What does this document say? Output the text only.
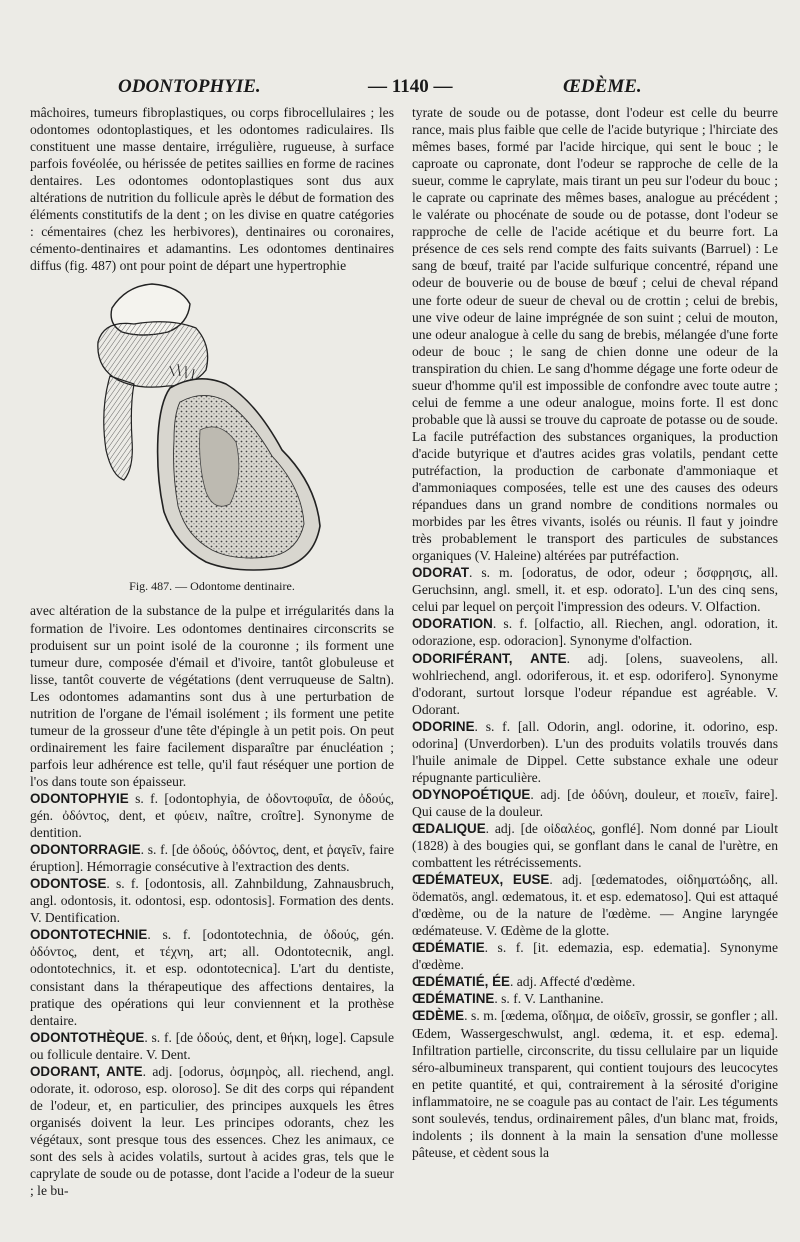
ODONTOPHYIE.	— 1140 —	ŒDÈME.

mâchoires, tumeurs fibroplastiques, ou corps fibrocellulaires ; les odontomes odontoplastiques, et les odontomes radiculaires. Ils constituent une masse dentaire, irrégulière, rugueuse, à surface parfois fovéolée, ou hérissée de petites saillies en forme de racines dentaires. Les odontomes odontoplastiques sont dus aux altérations de nutrition du follicule après le début de formation des éléments constitutifs de la dent ; on les divise en quatre catégories : cémentaires (chez les herbivores), dentinaires ou coronaires, cémento-dentinaires et adamantins. Les odontomes dentinaires diffus (fig. 487) ont pour point de départ une hypertrophie

Fig. 487. — Odontome dentinaire.

avec altération de la substance de la pulpe et irrégularités dans la formation de l'ivoire. Les odontomes dentinaires circonscrits se produisent sur un point isolé de la couronne ; ils forment une tumeur dure, composée d'émail et d'ivoire, tantôt globuleuse et lisse, tantôt couverte de végétations (dent verruqueuse de Saltn). Les odontomes adamantins sont dus à une perturbation de nutrition de l'organe de l'émail isolément ; ils forment une petite tumeur de la grosseur d'une tête d'épingle à un petit pois. On peut ordinairement les faire facilement disparaître par énucléation ; parfois leur adhérence est telle, qu'il faut réséquer une portion de l'os dans toute son épaisseur.

ODONTOPHYIE s. f. [odontophyia, de ὀδοντοφυΐα, de ὀδούς, gén. ὀδόντος, dent, et φύειν, naître, croître]. Synonyme de dentition.

ODONTORRAGIE. s. f. [de ὀδούς, ὀδόντος, dent, et ῥαγεῖν, faire éruption]. Hémorragie consécutive à l'extraction des dents.

ODONTOSE. s. f. [odontosis, all. Zahnbildung, Zahnausbruch, angl. odontosis, it. odontosi, esp. odontosis]. Formation des dents. V. Dentification.

ODONTOTECHNIE. s. f. [odontotechnia, de ὀδούς, gén. ὀδόντος, dent, et τέχνη, art; all. Odontotecnik, angl. odontotechnics, it. et esp. odontotecnica]. L'art du dentiste, consistant dans la thérapeutique des affections dentaires, la pratique des opérations qui leur conviennent et la prothèse dentaire.

ODONTOTHÈQUE. s. f. [de ὀδούς, dent, et θήκη, loge]. Capsule ou follicule dentaire. V. Dent.

ODORANT, ANTE. adj. [odorus, ὀσμηρὸς, all. riechend, angl. odorate, it. odoroso, esp. oloroso]. Se dit des corps qui répandent de l'odeur, et, en particulier, des principes auxquels les êtres organisés doivent la leur. Les principes odorants, chez les végétaux, sont presque tous des essences. Chez les animaux, ce sont des sels à acides volatils, surtout à acides gras, tels que le caprylate de soude ou de potasse, dont l'acide a l'odeur de la sueur ; le bu-

tyrate de soude ou de potasse, dont l'odeur est celle du beurre rance, mais plus faible que celle de l'acide butyrique ; l'hirciate des mêmes bases, formé par l'acide hircique, qui sent le bouc ; le caproate ou capronate, dont l'odeur se rapproche de celle de la sueur, comme le caprylate, mais tirant un peu sur l'odeur du bouc ; le caprate ou caprinate des mêmes bases, analogue au précédent ; le valérate ou phocénate de soude ou de potasse, dont l'odeur se rapproche de celle de l'acide acétique et du beurre fort. La présence de ces sels rend compte des faits suivants (Barruel) : Le sang de bœuf, traité par l'acide sulfurique concentré, répand une odeur de bouverie ou de bouse de bœuf ; celui de cheval répand une forte odeur de sueur de cheval ou de crottin ; celui de brebis, une vive odeur de laine imprégnée de son suint ; celui de mouton, une odeur analogue à celle du sang de brebis, mélangée d'une forte odeur de bouc ; le sang de chien donne une odeur de la transpiration du chien. Le sang d'homme dégage une forte odeur de sueur d'homme qu'il est impossible de confondre avec toute autre ; celui de femme a une odeur analogue, moins forte. Il est donc probable que là aussi se trouve du caproate de potasse ou de soude. La facile putréfaction des substances organiques, la production d'acide butyrique et d'autres acides gras volatils, pendant cette putréfaction, la production de carbonate d'ammoniaque et d'ammoniaques composées, telle est une des causes des odeurs répandues dans un grand nombre de conditions normales ou morbides par les êtres vivants, isolés ou réunis. Il faut y joindre très probablement le transport des particules de substances organiques (V. Haleine) altérées par putréfaction.

ODORAT. s. m. [odoratus, de odor, odeur ; ὄσφρησις, all. Geruchsinn, angl. smell, it. et esp. odorato]. L'un des cinq sens, celui par lequel on perçoit l'impression des odeurs. V. Olfaction.

ODORATION. s. f. [olfactio, all. Riechen, angl. odoration, it. odorazione, esp. odoracion]. Synonyme d'olfaction.

ODORIFÉRANT, ANTE. adj. [olens, suaveolens, all. wohlriechend, angl. odoriferous, it. et esp. odorifero]. Synonyme d'odorant, surtout lorsque l'odeur répandue est agréable. V. Odorant.

ODORINE. s. f. [all. Odorin, angl. odorine, it. odorino, esp. odorina] (Unverdorben). L'un des produits volatils trouvés dans l'huile animale de Dippel. Cette substance exhale une odeur répugnante particulière.

ODYNOPOÉTIQUE. adj. [de ὀδύνη, douleur, et ποιεῖν, faire]. Qui cause de la douleur.

ŒDALIQUE. adj. [de οἰδαλέος, gonflé]. Nom donné par Lioult (1828) à des bougies qui, se gonflant dans le canal de l'urètre, en combattent les rétrécissements.

ŒDÉMATEUX, EUSE. adj. [œdematodes, οἰδηματώδης, all. ödematös, angl. œdematous, it. et esp. edematoso]. Qui est attaqué d'œdème, ou de la nature de l'œdème. — Angine laryngée œdémateuse. V. Œdème de la glotte.

ŒDÉMATIE. s. f. [it. edemazia, esp. edematia]. Synonyme d'œdème.

ŒDÉMATIÉ, ÉE. adj. Affecté d'œdème.

ŒDÉMATINE. s. f. V. Lanthanine.

ŒDÈME. s. m. [œdema, οἴδημα, de οἰδεῖν, grossir, se gonfler ; all. Œdem, Wassergeschwulst, angl. œdema, it. et esp. edema]. Infiltration partielle, circonscrite, du tissu cellulaire par un liquide séro-albumineux transparent, qui contient toujours des leucocytes en petite quantité, et qui, contrairement à la sérosité d'origine inflammatoire, ne se coagule pas au contact de l'air. Les téguments sont soulevés, tendus, ordinairement pâles, d'un blanc mat, froids, indolents ; ils donnent à la main la sensation d'une mollesse pâteuse, et cèdent sous la
